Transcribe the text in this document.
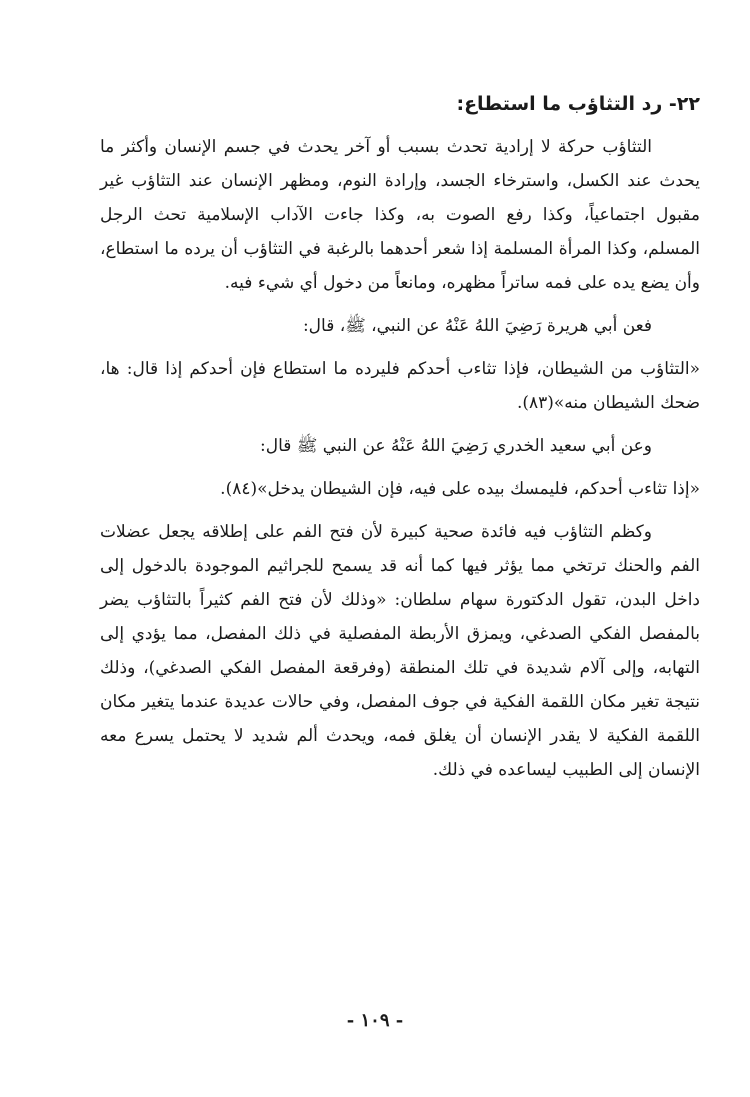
٢٢- رد التثاؤب ما استطاع:

التثاؤب حركة لا إرادية تحدث بسبب أو آخر يحدث في جسم الإنسان وأكثر ما يحدث عند الكسل، واسترخاء الجسد، وإرادة النوم، ومظهر الإنسان عند التثاؤب غير مقبول اجتماعياً، وكذا رفع الصوت به، وكذا جاءت الآداب الإسلامية تحث الرجل المسلم، وكذا المرأة المسلمة إذا شعر أحدهما بالرغبة في التثاؤب أن يرده ما استطاع، وأن يضع يده على فمه ساتراً مظهره، ومانعاً من دخول أي شيء فيه.

فعن أبي هريرة رَضِيَ اللهُ عَنْهُ عن النبي، ﷺ، قال:

«التثاؤب من الشيطان، فإذا تثاءب أحدكم فليرده ما استطاع فإن أحدكم إذا قال: ها، ضحك الشيطان منه»(٨٣).

وعن أبي سعيد الخدري رَضِيَ اللهُ عَنْهُ عن النبي ﷺ قال:

«إذا تثاءب أحدكم، فليمسك بيده على فيه، فإن الشيطان يدخل»(٨٤).

وكظم التثاؤب فيه فائدة صحية كبيرة لأن فتح الفم على إطلاقه يجعل عضلات الفم والحنك ترتخي مما يؤثر فيها كما أنه قد يسمح للجراثيم الموجودة بالدخول إلى داخل البدن، تقول الدكتورة سهام سلطان: «وذلك لأن فتح الفم كثيراً بالتثاؤب يضر بالمفصل الفكي الصدغي، ويمزق الأربطة المفصلية في ذلك المفصل، مما يؤدي إلى التهابه، وإلى آلام شديدة في تلك المنطقة (وفرقعة المفصل الفكي الصدغي)، وذلك نتيجة تغير مكان اللقمة الفكية في جوف المفصل، وفي حالات عديدة عندما يتغير مكان اللقمة الفكية لا يقدر الإنسان أن يغلق فمه، ويحدث ألم شديد لا يحتمل يسرع معه الإنسان إلى الطبيب ليساعده في ذلك.

- ١٠٩ -
